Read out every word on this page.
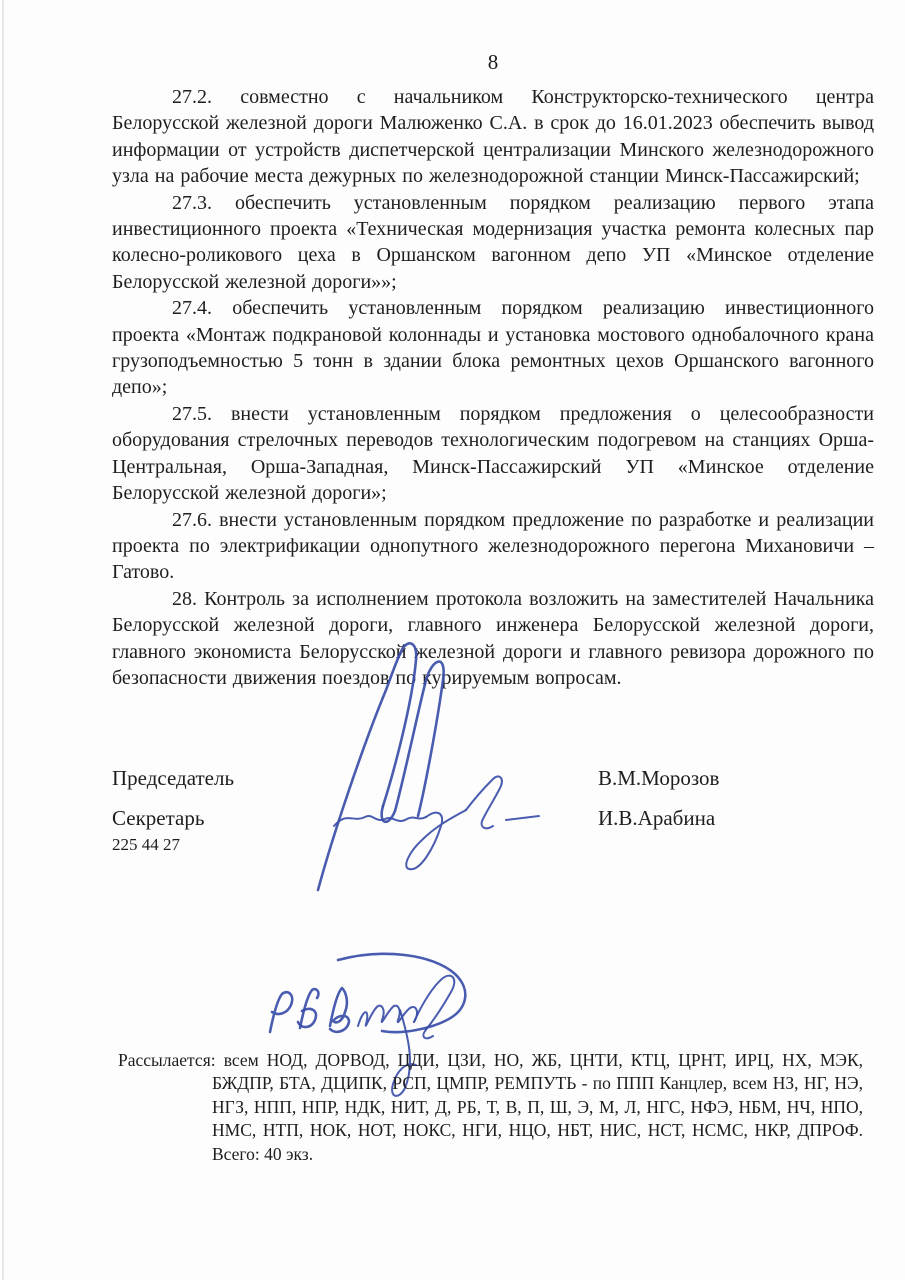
8

27.2. совместно с начальником Конструкторско-технического центра Белорусской железной дороги Малюженко С.А. в срок до 16.01.2023 обеспечить вывод информации от устройств диспетчерской централизации Минского железнодорожного узла на рабочие места дежурных по железнодорожной станции Минск-Пассажирский;

27.3. обеспечить установленным порядком реализацию первого этапа инвестиционного проекта «Техническая модернизация участка ремонта колесных пар колесно-роликового цеха в Оршанском вагонном депо УП «Минское отделение Белорусской железной дороги»»;

27.4. обеспечить установленным порядком реализацию инвестиционного проекта «Монтаж подкрановой колоннады и установка мостового однобалочного крана грузоподъемностью 5 тонн в здании блока ремонтных цехов Оршанского вагонного депо»;

27.5. внести установленным порядком предложения о целесообразности оборудования стрелочных переводов технологическим подогревом на станциях Орша-Центральная, Орша-Западная, Минск-Пассажирский УП «Минское отделение Белорусской железной дороги»;

27.6. внести установленным порядком предложение по разработке и реализации проекта по электрификации однопутного железнодорожного перегона Михановичи – Гатово.

28. Контроль за исполнением протокола возложить на заместителей Начальника Белорусской железной дороги, главного инженера Белорусской железной дороги, главного экономиста Белорусской железной дороги и главного ревизора дорожного по безопасности движения поездов по курируемым вопросам.

Председатель	В.М.Морозов
Секретарь	И.В.Арабина
225 44 27
Рассылается: всем НОД, ДОРВОД, ЦДИ, ЦЗИ, НО, ЖБ, ЦНТИ, КТЦ, ЦРНТ, ИРЦ, НХ, МЭК, БЖДПР, БТА, ДЦИПК, РСП, ЦМПР, РЕМПУТЬ - по ППП Канцлер, всем НЗ, НГ, НЭ, НГЗ, НПП, НПР, НДК, НИТ, Д, РБ, Т, В, П, Ш, Э, М, Л, НГС, НФЭ, НБМ, НЧ, НПО, НМС, НТП, НОК, НОТ, НОКС, НГИ, НЦО, НБТ, НИС, НСТ, НСМС, НКР, ДПРОФ. Всего: 40 экз.
